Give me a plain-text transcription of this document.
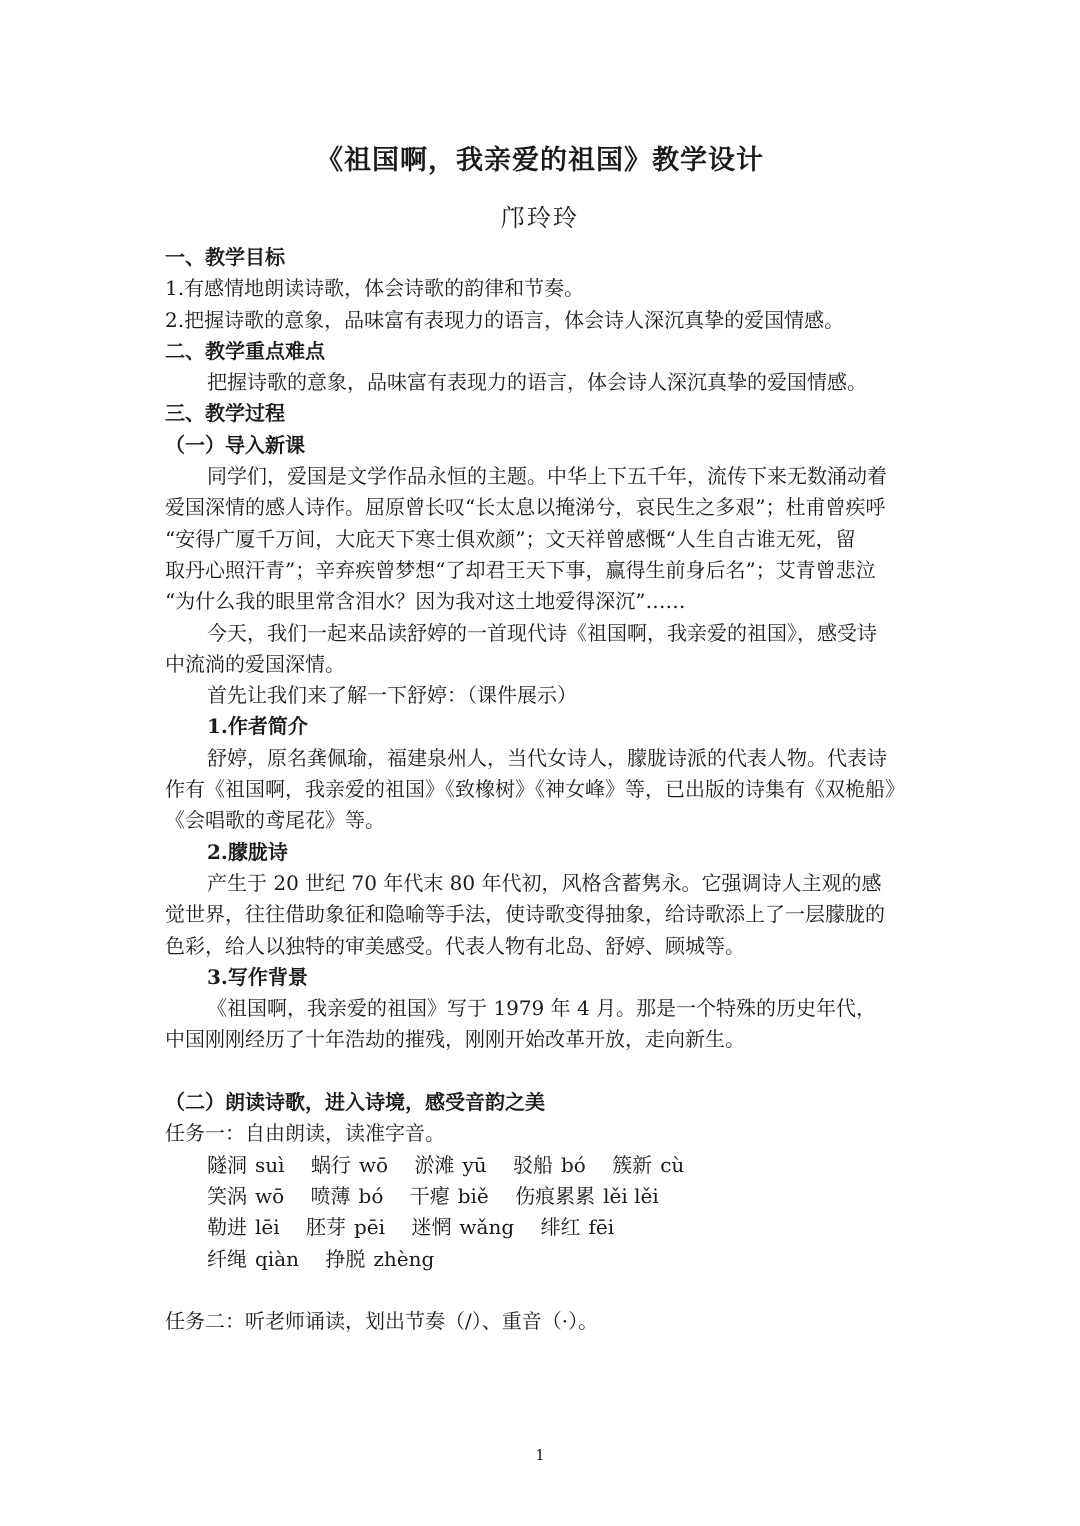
《祖国啊，我亲爱的祖国》教学设计
邝玲玲
一、教学目标
1.有感情地朗读诗歌，体会诗歌的韵律和节奏。
2.把握诗歌的意象，品味富有表现力的语言，体会诗人深沉真挚的爱国情感。
二、教学重点难点
把握诗歌的意象，品味富有表现力的语言，体会诗人深沉真挚的爱国情感。
三、教学过程
（一）导入新课
同学们，爱国是文学作品永恒的主题。中华上下五千年，流传下来无数涌动着
爱国深情的感人诗作。屈原曾长叹“长太息以掩涕兮，哀民生之多艰”；杜甫曾疾呼
“安得广厦千万间，大庇天下寒士俱欢颜”；文天祥曾感慨“人生自古谁无死，留
取丹心照汗青”；辛弃疾曾梦想“了却君王天下事，赢得生前身后名”；艾青曾悲泣
“为什么我的眼里常含泪水？因为我对这土地爱得深沉”……
今天，我们一起来品读舒婷的一首现代诗《祖国啊，我亲爱的祖国》，感受诗
中流淌的爱国深情。
首先让我们来了解一下舒婷：（课件展示）
1.作者简介
舒婷，原名龚佩瑜，福建泉州人，当代女诗人，朦胧诗派的代表人物。代表诗
作有《祖国啊，我亲爱的祖国》《致橡树》《神女峰》等，已出版的诗集有《双桅船》
《会唱歌的鸢尾花》等。
2.朦胧诗
产生于 20 世纪 70 年代末 80 年代初，风格含蓄隽永。它强调诗人主观的感
觉世界，往往借助象征和隐喻等手法，使诗歌变得抽象，给诗歌添上了一层朦胧的
色彩，给人以独特的审美感受。代表人物有北岛、舒婷、顾城等。
3.写作背景
《祖国啊，我亲爱的祖国》写于 1979 年 4 月。那是一个特殊的历史年代，
中国刚刚经历了十年浩劫的摧残，刚刚开始改革开放，走向新生。
（二）朗读诗歌，进入诗境，感受音韵之美
任务一：自由朗读，读准字音。
隧洞 suì 蜗行 wō 淤滩 yū 驳船 bó 簇新 cù
笑涡 wō 喷薄 bó 干瘪 biě 伤痕累累 lěi lěi
勒进 lēi 胚芽 pēi 迷惘 wǎng 绯红 fēi
纤绳 qiàn 挣脱 zhèng
任务二：听老师诵读，划出节奏（/）、重音（·）。
1
